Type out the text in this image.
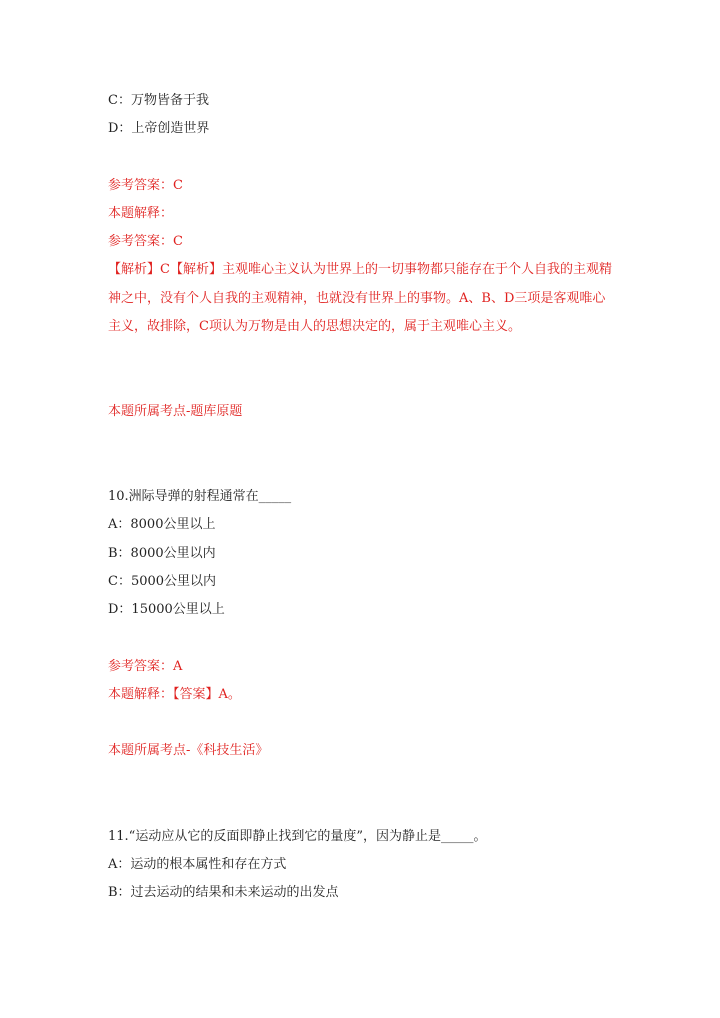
C：万物皆备于我
D：上帝创造世界
参考答案：C
本题解释：
参考答案：C
【解析】C【解析】主观唯心主义认为世界上的一切事物都只能存在于个人自我的主观精神之中，没有个人自我的主观精神，也就没有世界上的事物。A、B、D三项是客观唯心主义，故排除，C项认为万物是由人的思想决定的，属于主观唯心主义。
本题所属考点-题库原题
10.洲际导弹的射程通常在_____
A：8000公里以上
B：8000公里以内
C：5000公里以内
D：15000公里以上
参考答案：A
本题解释：【答案】A。
本题所属考点-《科技生活》
11.“运动应从它的反面即静止找到它的量度”，因为静止是_____。
A：运动的根本属性和存在方式
B：过去运动的结果和未来运动的出发点
